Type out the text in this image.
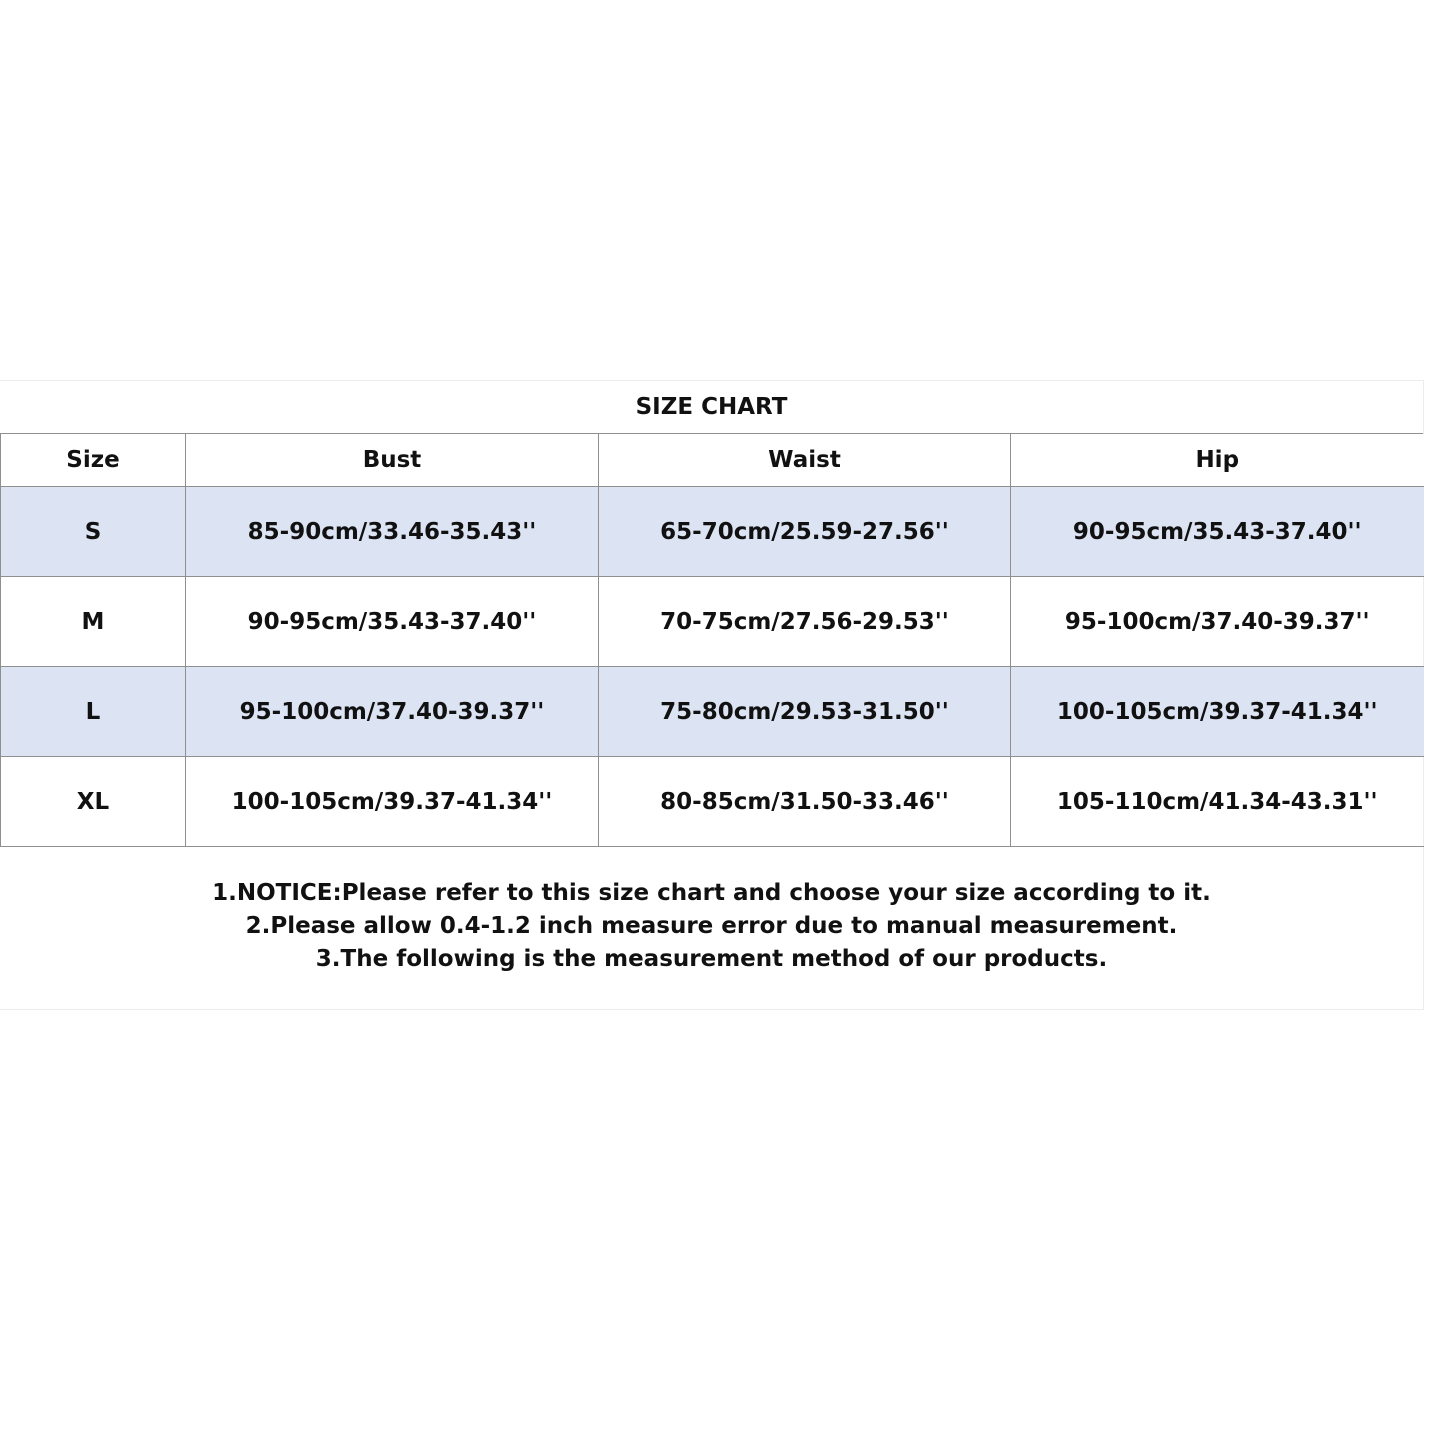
SIZE CHART
Size	Bust	Waist	Hip
S	85-90cm/33.46-35.43''	65-70cm/25.59-27.56''	90-95cm/35.43-37.40''
M	90-95cm/35.43-37.40''	70-75cm/27.56-29.53''	95-100cm/37.40-39.37''
L	95-100cm/37.40-39.37''	75-80cm/29.53-31.50''	100-105cm/39.37-41.34''
XL	100-105cm/39.37-41.34''	80-85cm/31.50-33.46''	105-110cm/41.34-43.31''
1.NOTICE:Please refer to this size chart and choose your size according to it.
2.Please allow 0.4-1.2 inch measure error due to manual measurement.
3.The following is the measurement method of our products.
